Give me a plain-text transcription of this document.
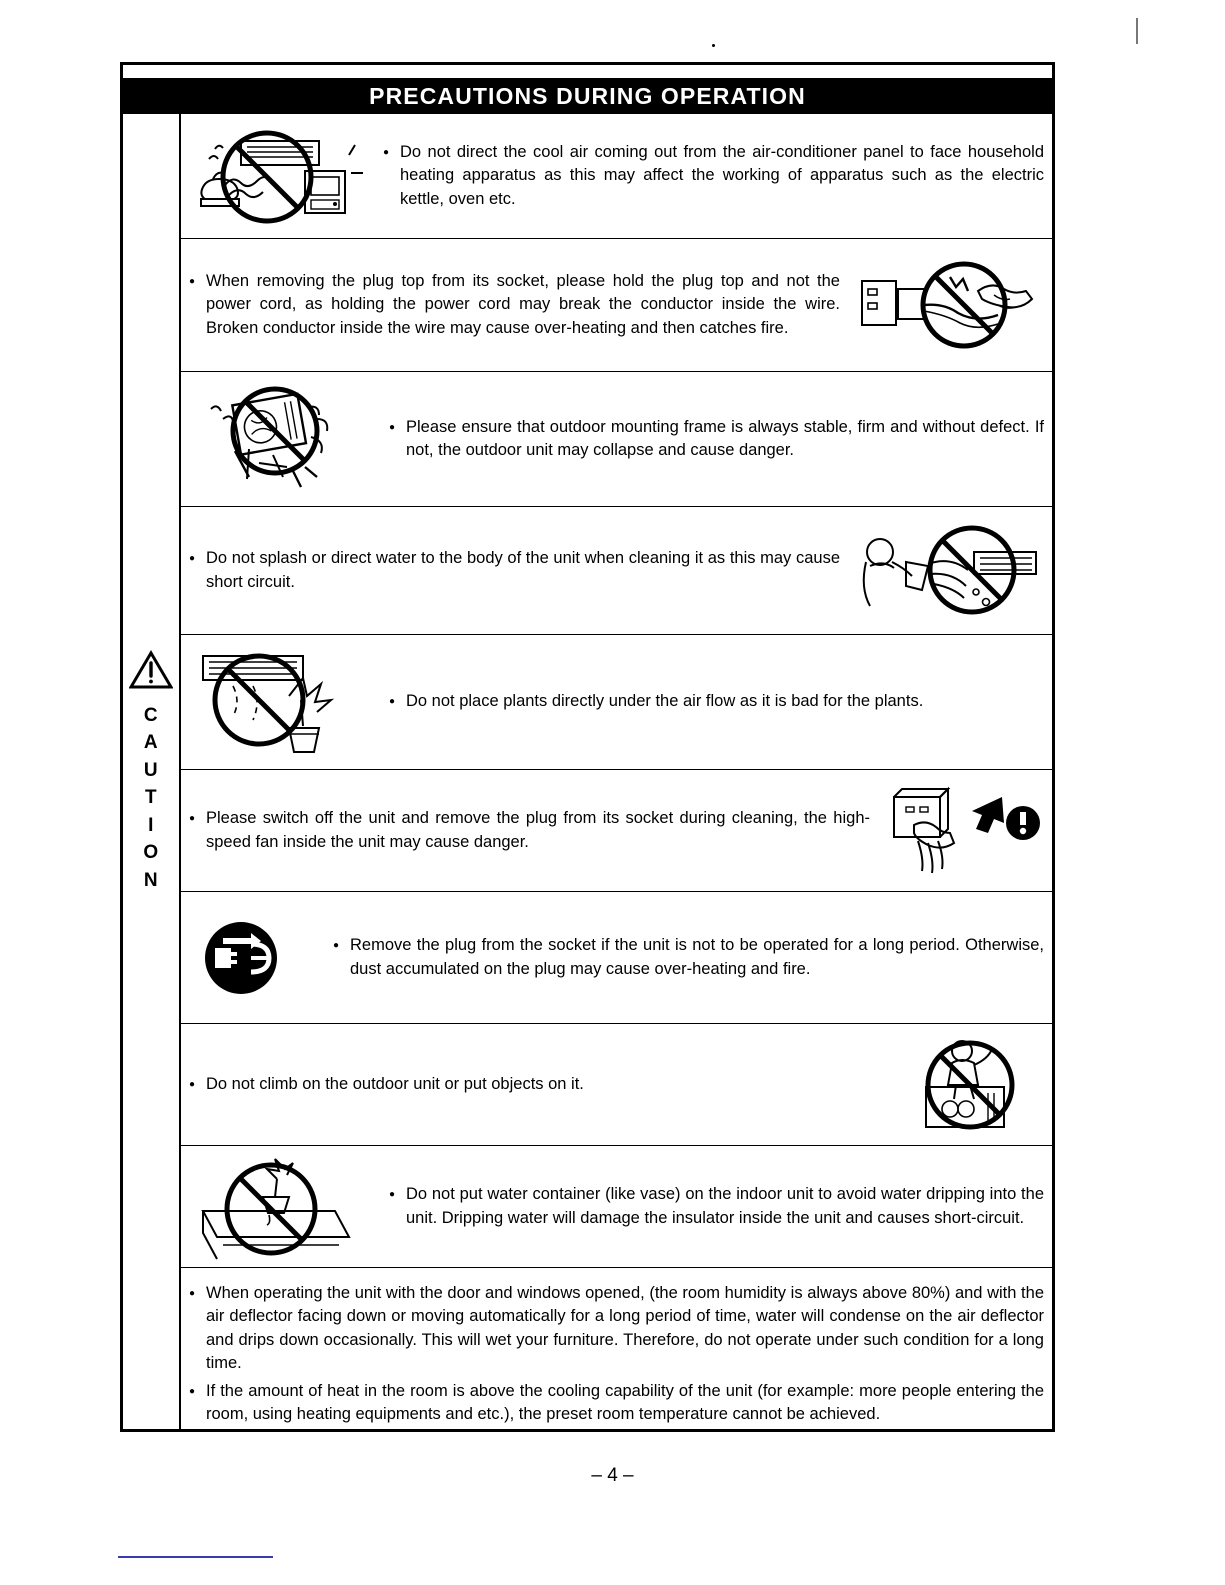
PRECAUTIONS DURING OPERATION
C
A
U
T
I
O
N

● Do not direct the cool air coming out from the air-conditioner panel to face household heating apparatus as this may affect the working of apparatus such as the electric kettle, oven etc.

● When removing the plug top from its socket, please hold the plug top and not the power cord, as holding the power cord may break the conductor inside the wire. Broken conductor inside the wire may cause over-heating and then catches fire.

● Please ensure that outdoor mounting frame is always stable, firm and without defect. If not, the outdoor unit may collapse and cause danger.

● Do not splash or direct water to the body of the unit when cleaning it as this may cause short circuit.

● Do not place plants directly under the air flow as it is bad for the plants.

● Please switch off the unit and remove the plug from its socket during cleaning, the high-speed fan inside the unit may cause danger.

● Remove the plug from the socket if the unit is not to be operated for a long period. Otherwise, dust accumulated on the plug may cause over-heating and fire.

● Do not climb on the outdoor unit or put objects on it.

● Do not put water container (like vase) on the indoor unit to avoid water dripping into the unit. Dripping water will damage the insulator inside the unit and causes short-circuit.

● When operating the unit with the door and windows opened, (the room humidity is always above 80%) and with the air deflector facing down or moving automatically for a long period of time, water will condense on the air deflector and drips down occasionally. This will wet your furniture. Therefore, do not operate under such condition for a long time.

● If the amount of heat in the room is above the cooling capability of the unit (for example: more people entering the room, using heating equipments and etc.), the preset room temperature cannot be achieved.

– 4 –
